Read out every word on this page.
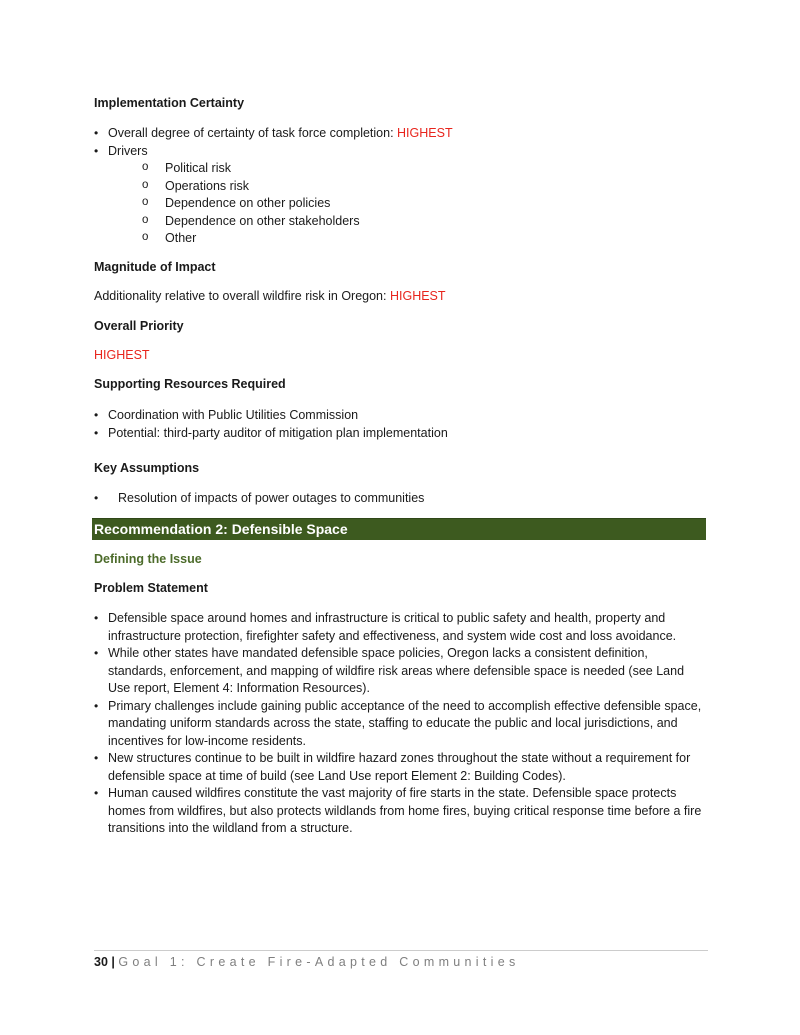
Implementation Certainty

• Overall degree of certainty of task force completion: HIGHEST
• Drivers
o Political risk
o Operations risk
o Dependence on other policies
o Dependence on other stakeholders
o Other

Magnitude of Impact

Additionality relative to overall wildfire risk in Oregon: HIGHEST

Overall Priority

HIGHEST

Supporting Resources Required

• Coordination with Public Utilities Commission
• Potential: third-party auditor of mitigation plan implementation

Key Assumptions

• Resolution of impacts of power outages to communities
Recommendation 2: Defensible Space

Defining the Issue

Problem Statement

• Defensible space around homes and infrastructure is critical to public safety and health, property and infrastructure protection, firefighter safety and effectiveness, and system wide cost and loss avoidance.
• While other states have mandated defensible space policies, Oregon lacks a consistent definition, standards, enforcement, and mapping of wildfire risk areas where defensible space is needed (see Land Use report, Element 4: Information Resources).
• Primary challenges include gaining public acceptance of the need to accomplish effective defensible space, mandating uniform standards across the state, staffing to educate the public and local jurisdictions, and incentives for low-income residents.
• New structures continue to be built in wildfire hazard zones throughout the state without a requirement for defensible space at time of build (see Land Use report Element 2: Building Codes).
• Human caused wildfires constitute the vast majority of fire starts in the state. Defensible space protects homes from wildfires, but also protects wildlands from home fires, buying critical response time before a fire transitions into the wildland from a structure.
30 | Goal 1: Create Fire-Adapted Communities
